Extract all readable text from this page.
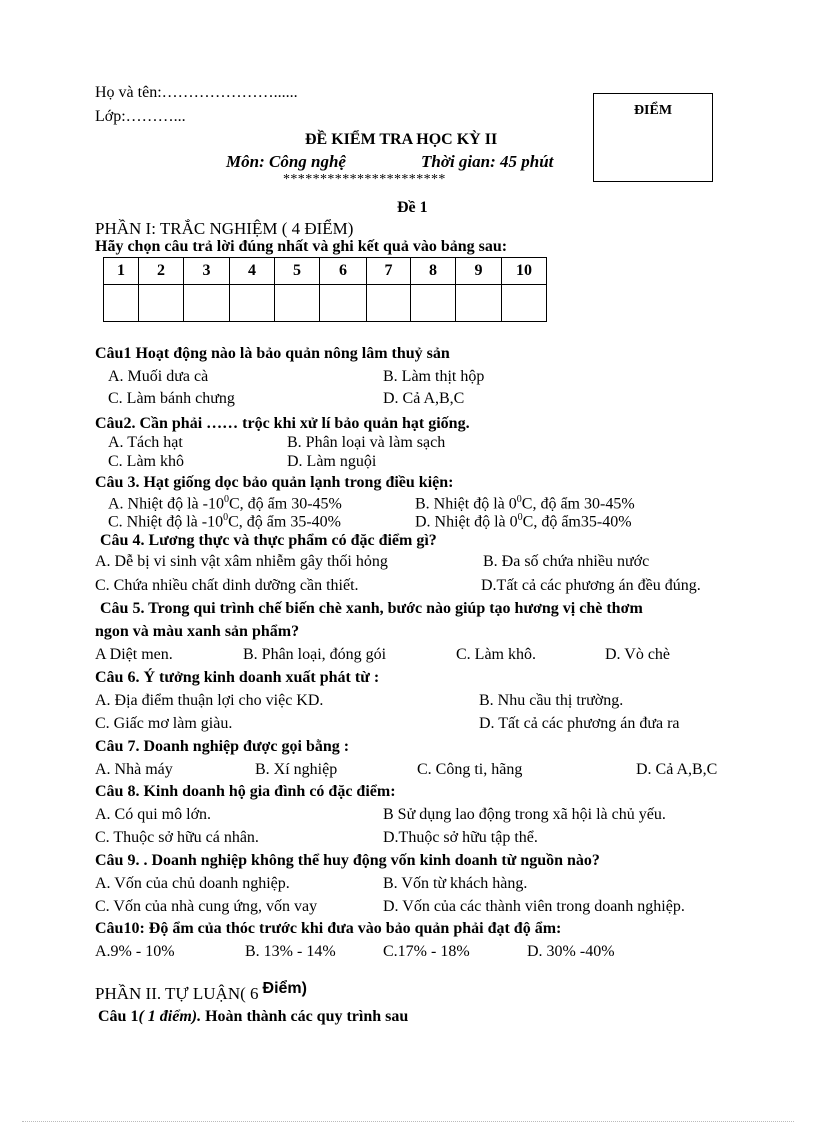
Họ và tên:…………………......
Lớp:………...	ĐIỂM
ĐỀ KIỂM TRA HỌC KỲ II
Môn: Công nghệ	Thời gian: 45 phút
**********************
Đề 1
PHẦN I: TRẮC NGHIỆM ( 4 ĐIỂM)
Hãy chọn câu trả lời đúng nhất và ghi kết quả vào bảng sau:
1	2	3	4	5	6	7	8	9	10

Câu1 Hoạt động nào là bảo quản nông lâm thuỷ sản
A. Muối dưa cà	B. Làm thịt hộp
C. Làm bánh chưng	D. Cả A,B,C
Câu2. Cần phải …… trộc khi xử lí bảo quản hạt giống.
A. Tách hạt	B. Phân loại và làm sạch
C. Làm khô	D. Làm nguội
Câu 3. Hạt giống dọc bảo quản lạnh trong điều kiện:
A. Nhiệt độ là $-10^0C$, độ ẩm 30-45%	B. Nhiệt độ là $0^0C$, độ ẩm 30-45%
C. Nhiệt độ là $-10^0C$, độ ẩm 35-40%	D. Nhiệt độ là $0^0C$, độ ẩm35-40%
Câu 4. Lương thực và thực phẩm có đặc điểm gì?
A. Dễ bị vi sinh vật xâm nhiễm gây thối hỏng	B. Đa số chứa nhiều nước
C. Chứa nhiều chất dinh dưỡng cần thiết.	D.Tất cả các phương án đều đúng.
Câu 5. Trong qui trình chế biến chè xanh, bước nào giúp tạo hương vị chè thơm
ngon và màu xanh sản phẩm?
A Diệt men.	B. Phân loại, đóng gói	C. Làm khô.	D. Vò chè
Câu 6. Ý tưởng kinh doanh xuất phát từ :
A. Địa điểm thuận lợi cho việc KD.	B. Nhu cầu thị trường.
C. Giấc mơ làm giàu.	D. Tất cả các phương án đưa ra
Câu 7. Doanh nghiệp được gọi bằng :
A. Nhà máy	B. Xí nghiệp	C. Công ti, hãng	D. Cả A,B,C
Câu 8. Kinh doanh hộ gia đình có đặc điểm:
A. Có qui mô lớn.	B Sử dụng lao động trong xã hội là chủ yếu.
C. Thuộc sở hữu cá nhân.	D.Thuộc sở hữu tập thể.
Câu 9. . Doanh nghiệp không thể huy động vốn kinh doanh từ nguồn nào?
A. Vốn của chủ doanh nghiệp.	B. Vốn từ khách hàng.
C. Vốn của nhà cung ứng, vốn vay	D. Vốn của các thành viên trong doanh nghiệp.
Câu10: Độ ẩm của thóc trước khi đưa vào bảo quản phải đạt độ ẩm:
A.9% - 10%	B. 13% - 14%	C.17% - 18%	D. 30% -40%
PHẦN II. TỰ LUẬN( 6 Điểm)
Câu 1( 1 điểm). Hoàn thành các quy trình sau
